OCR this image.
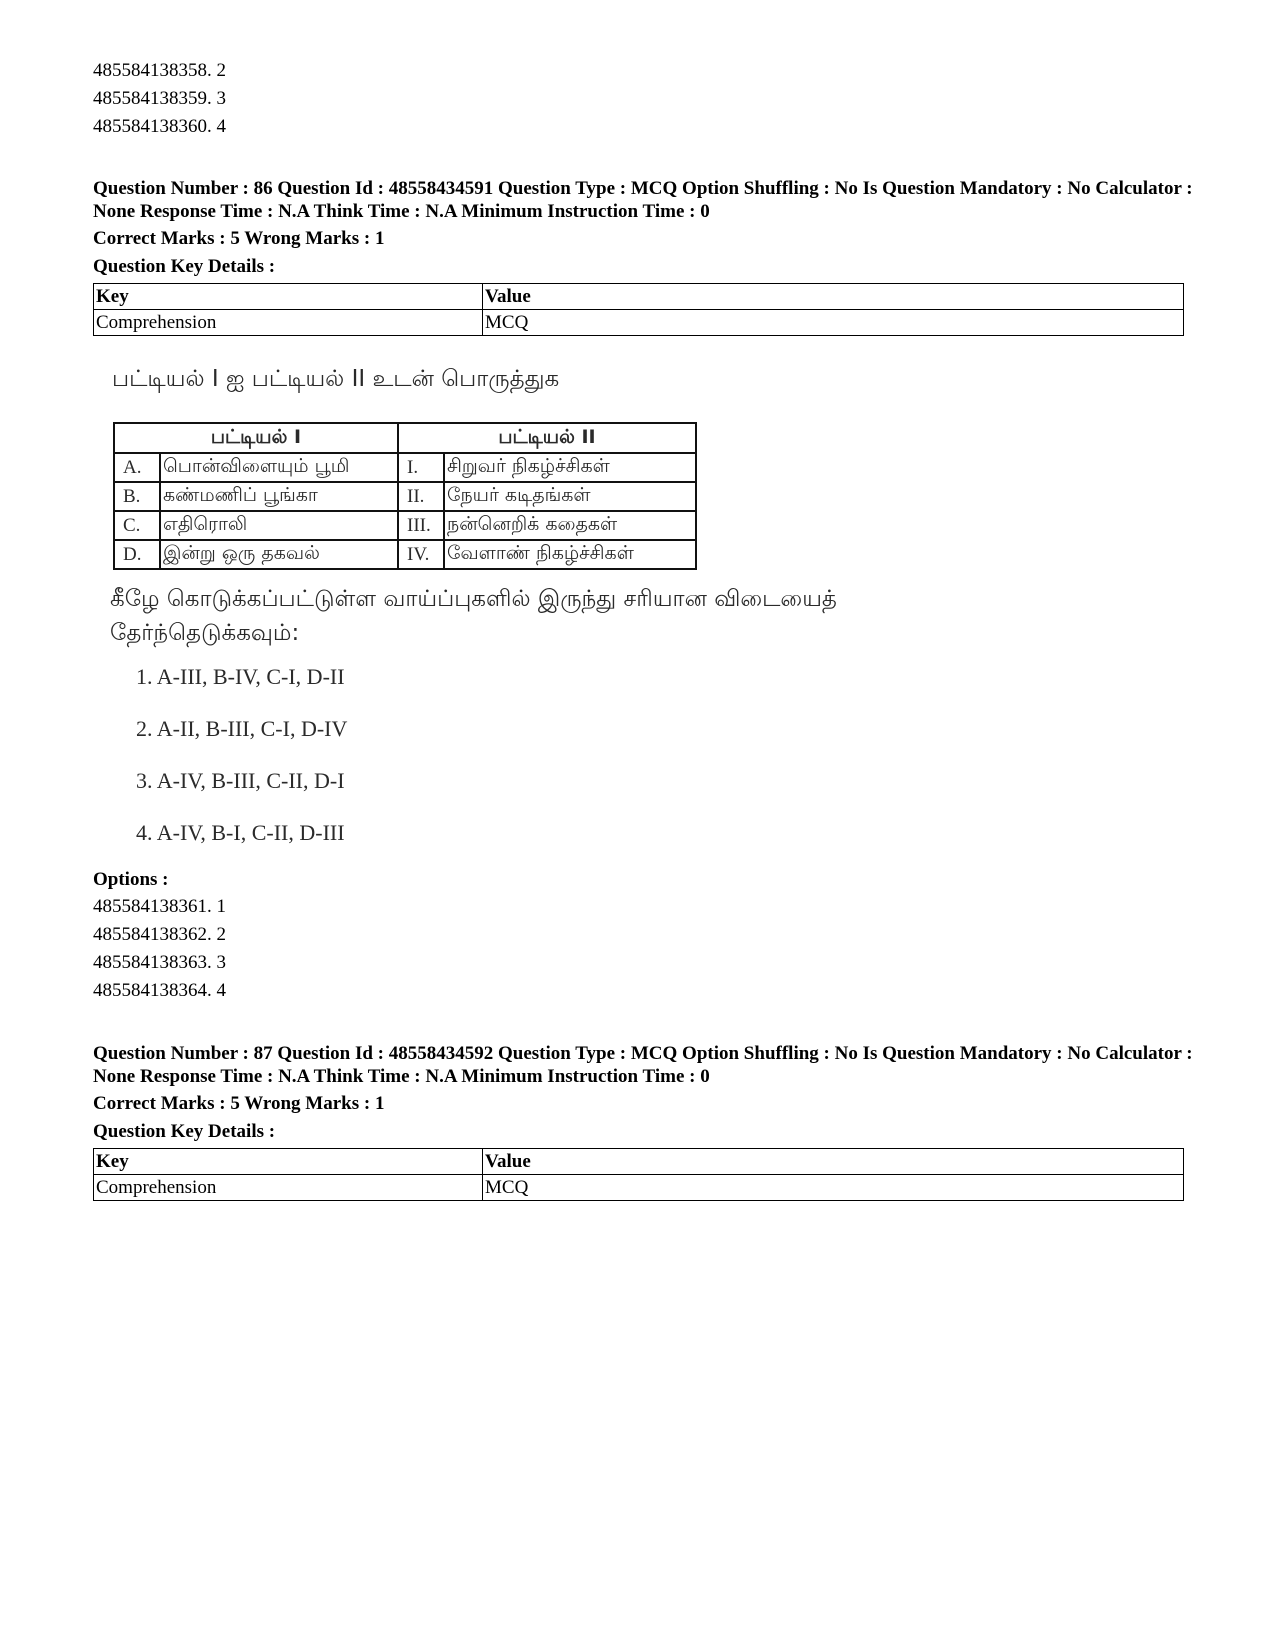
485584138358. 2
485584138359. 3
485584138360. 4
Question Number : 86 Question Id : 48558434591 Question Type : MCQ Option Shuffling : No Is Question Mandatory : No Calculator : None Response Time : N.A Think Time : N.A Minimum Instruction Time : 0
Correct Marks : 5 Wrong Marks : 1
Question Key Details :
Key	Value
Comprehension	MCQ
பட்டியல் I ஐ பட்டியல் II உடன் பொருத்துக
பட்டியல் I		பட்டியல் II	
A.	பொன்விளையும் பூமி	I.	சிறுவர் நிகழ்ச்சிகள்
B.	கண்மணிப் பூங்கா	II.	நேயர் கடிதங்கள்
C.	எதிரொலி	III.	நன்னெறிக் கதைகள்
D.	இன்று ஒரு தகவல்	IV.	வேளாண் நிகழ்ச்சிகள்
கீழே கொடுக்கப்பட்டுள்ள வாய்ப்புகளில் இருந்து சரியான விடையைத் தேர்ந்தெடுக்கவும்:
1. A-III, B-IV, C-I, D-II
2. A-II, B-III, C-I, D-IV
3. A-IV, B-III, C-II, D-I
4. A-IV, B-I, C-II, D-III
Options :
485584138361. 1
485584138362. 2
485584138363. 3
485584138364. 4
Question Number : 87 Question Id : 48558434592 Question Type : MCQ Option Shuffling : No Is Question Mandatory : No Calculator : None Response Time : N.A Think Time : N.A Minimum Instruction Time : 0
Correct Marks : 5 Wrong Marks : 1
Question Key Details :
Key	Value
Comprehension	MCQ
